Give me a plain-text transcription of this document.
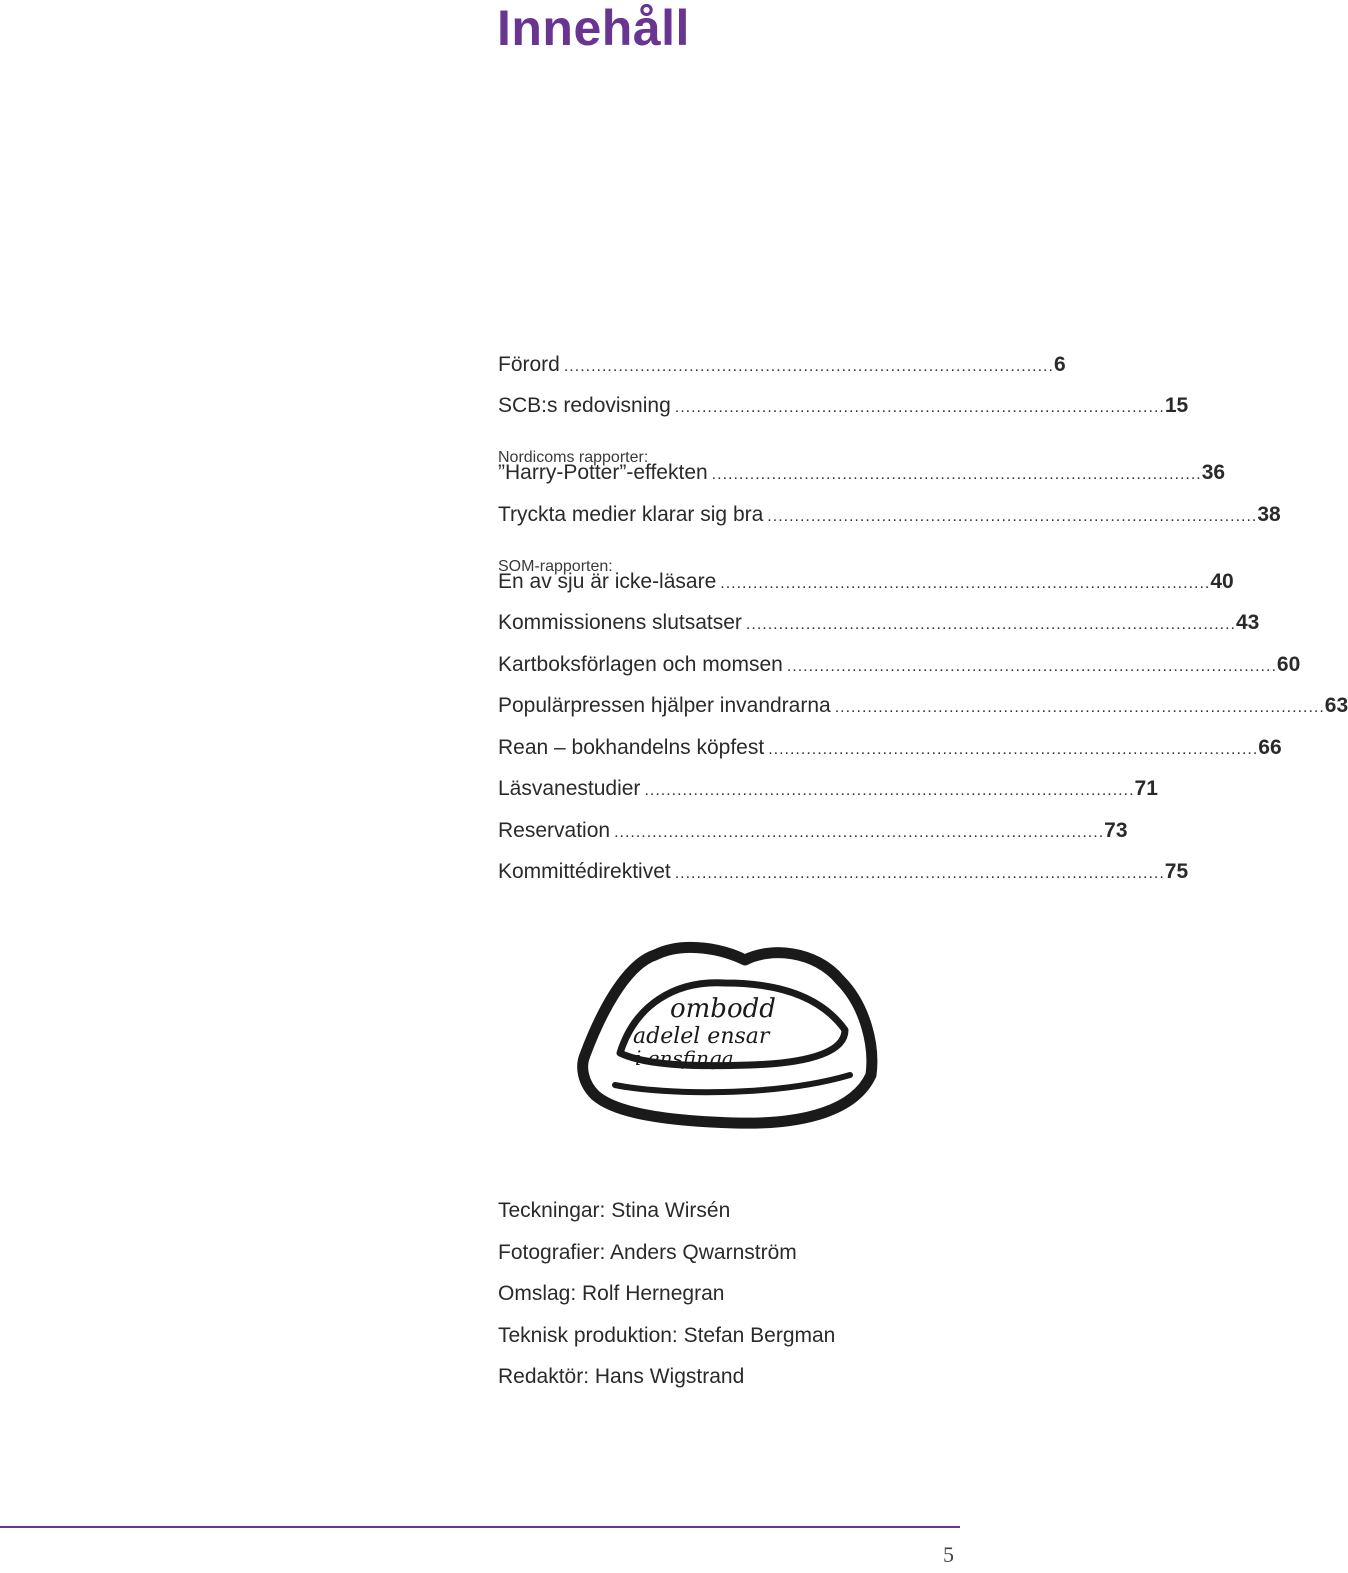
Innehåll
Förord .......................................................................................... 6
SCB:s redovisning .......................................................................................... 15
Nordicoms rapporter:
”Harry-Potter”-effekten .......................................................................................... 36
Tryckta medier klarar sig bra .......................................................................................... 38
SOM-rapporten:
En av sju är icke-läsare .......................................................................................... 40
Kommissionens slutsatser .......................................................................................... 43
Kartboksförlagen och momsen .......................................................................................... 60
Populärpressen hjälper invandrarna .......................................................................................... 63
Rean – bokhandelns köpfest .......................................................................................... 66
Läsvanestudier .......................................................................................... 71
Reservation .......................................................................................... 73
Kommittédirektivet .......................................................................................... 75
ombodd
adelel ensar
i ensfinga
Teckningar: Stina Wirsén
Fotografier: Anders Qwarnström
Omslag: Rolf Hernegran
Teknisk produktion: Stefan Bergman
Redaktör: Hans Wigstrand
5
